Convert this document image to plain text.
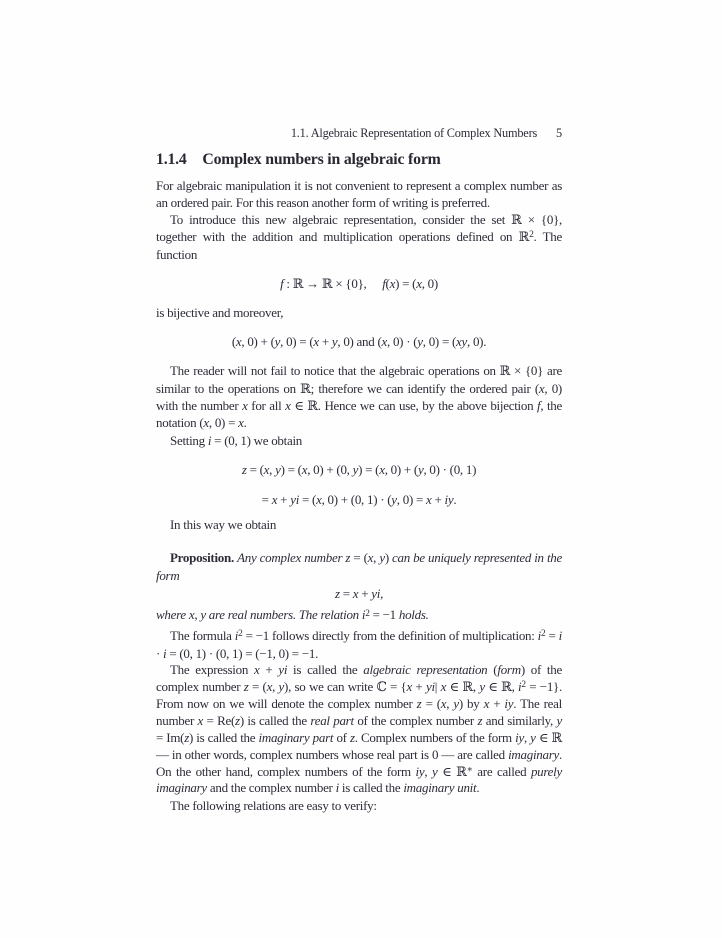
1.1. Algebraic Representation of Complex Numbers 5
1.1.4 Complex numbers in algebraic form

For algebraic manipulation it is not convenient to represent a complex number as an ordered pair. For this reason another form of writing is preferred.

To introduce this new algebraic representation, consider the set ℝ × {0}, together with the addition and multiplication operations defined on ℝ$^2$. The function

f : ℝ → ℝ × {0},  f(x) = (x, 0)

is bijective and moreover,

(x, 0) + (y, 0) = (x + y, 0) and (x, 0) · (y, 0) = (xy, 0).

The reader will not fail to notice that the algebraic operations on ℝ × {0} are similar to the operations on ℝ; therefore we can identify the ordered pair (x, 0) with the number x for all x ∈ ℝ. Hence we can use, by the above bijection f, the notation (x, 0) = x.

Setting i = (0, 1) we obtain

z = (x, y) = (x, 0) + (0, y) = (x, 0) + (y, 0) · (0, 1)
= x + yi = (x, 0) + (0, 1) · (y, 0) = x + iy.

In this way we obtain

Proposition. Any complex number z = (x, y) can be uniquely represented in the form

z = x + yi,

where x, y are real numbers. The relation $i^2 = -1$ holds.

The formula $i^2 = -1$ follows directly from the definition of multiplication: $i^2 = i \cdot i = (0$, 1) · (0, 1) = (−1, 0) = −1.

The expression x + yi is called the algebraic representation (form) of the complex number z = (x, y), so we can write ℂ = {x + yi| x ∈ ℝ, y ∈ ℝ, $i^2 = -1$}. From now on we will denote the complex number z = (x, y) by x + iy. The real number x = Re(z) is called the real part of the complex number z and similarly, y = Im(z) is called the imaginary part of z. Complex numbers of the form iy, y ∈ ℝ — in other words, complex numbers whose real part is 0 — are called imaginary. On the other hand, complex numbers of the form iy, y ∈ ℝ∗ are called purely imaginary and the complex number i is called the imaginary unit.

The following relations are easy to verify:
